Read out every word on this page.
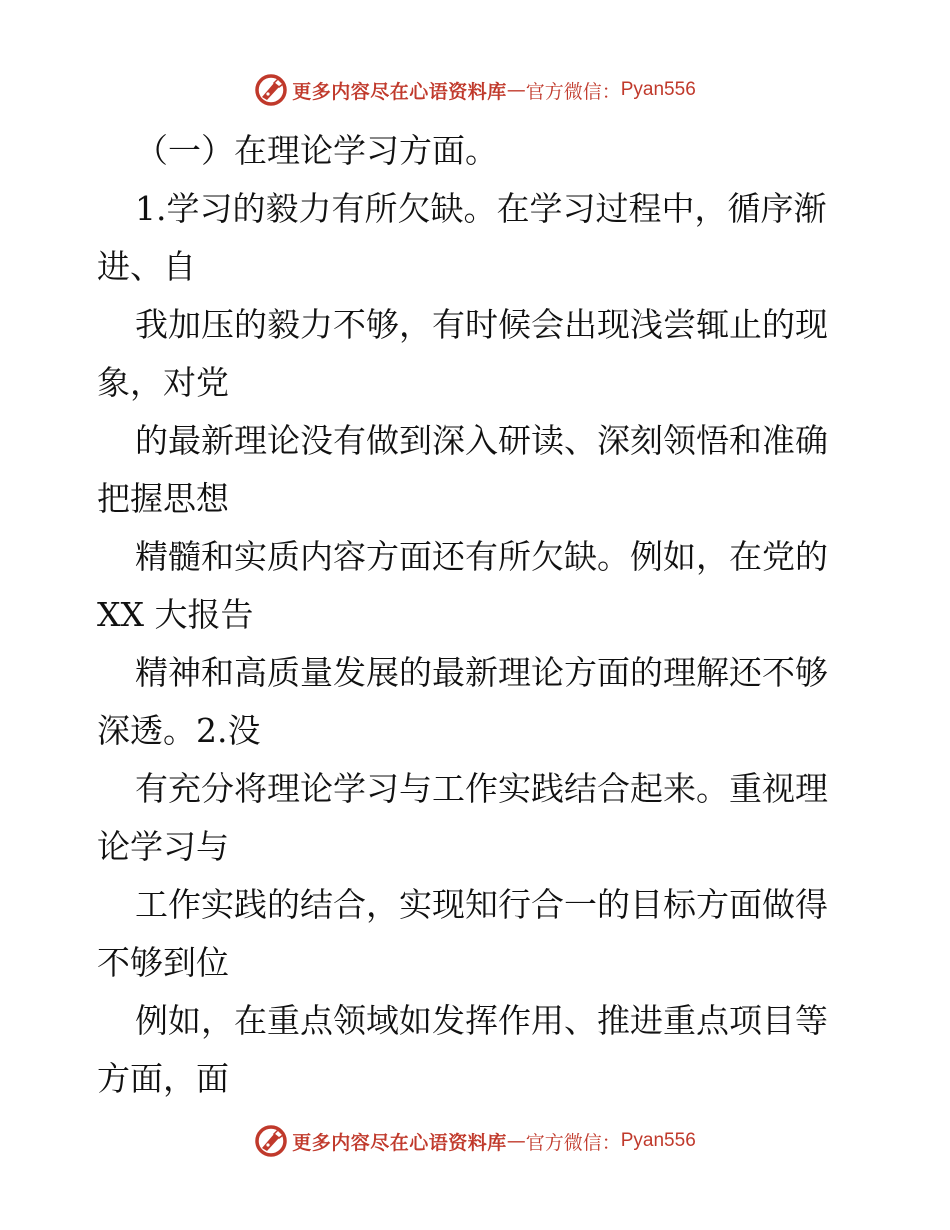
更多内容尽在心语资料库 — 官方微信： Pyan556
（一）在理论学习方面。
1.学习的毅力有所欠缺。在学习过程中，循序渐
进、自
我加压的毅力不够，有时候会出现浅尝辄止的现
象，对党
的最新理论没有做到深入研读、深刻领悟和准确
把握思想
精髓和实质内容方面还有所欠缺。例如，在党的
XX 大报告
精神和高质量发展的最新理论方面的理解还不够
深透。2.没
有充分将理论学习与工作实践结合起来。重视理
论学习与
工作实践的结合，实现知行合一的目标方面做得
不够到位
例如，在重点领域如发挥作用、推进重点项目等
方面，面
更多内容尽在心语资料库 — 官方微信： Pyan556
